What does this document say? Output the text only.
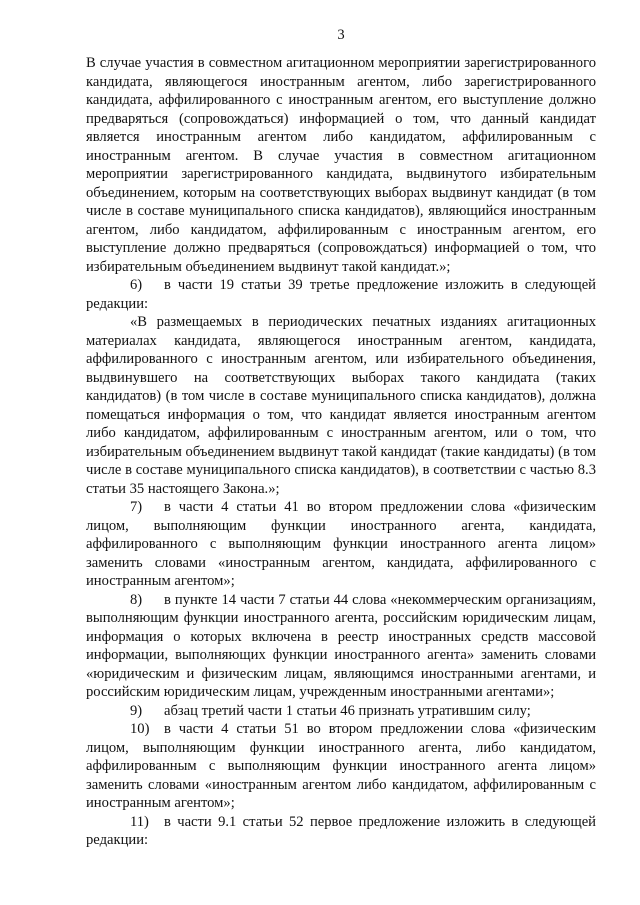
3

В случае участия в совместном агитационном мероприятии зарегистрированного кандидата, являющегося иностранным агентом, либо зарегистрированного кандидата, аффилированного с иностранным агентом, его выступление должно предваряться (сопровождаться) информацией о том, что данный кандидат является иностранным агентом либо кандидатом, аффилированным с иностранным агентом. В случае участия в совместном агитационном мероприятии зарегистрированного кандидата, выдвинутого избирательным объединением, которым на соответствующих выборах выдвинут кандидат (в том числе в составе муниципального списка кандидатов), являющийся иностранным агентом, либо кандидатом, аффилированным с иностранным агентом, его выступление должно предваряться (сопровождаться) информацией о том, что избирательным объединением выдвинут такой кандидат.»;

6) в части 19 статьи 39 третье предложение изложить в следующей редакции:

«В размещаемых в периодических печатных изданиях агитационных материалах кандидата, являющегося иностранным агентом, кандидата, аффилированного с иностранным агентом, или избирательного объединения, выдвинувшего на соответствующих выборах такого кандидата (таких кандидатов) (в том числе в составе муниципального списка кандидатов), должна помещаться информация о том, что кандидат является иностранным агентом либо кандидатом, аффилированным с иностранным агентом, или о том, что избирательным объединением выдвинут такой кандидат (такие кандидаты) (в том числе в составе муниципального списка кандидатов), в соответствии с частью 8.3 статьи 35 настоящего Закона.»;

7) в части 4 статьи 41 во втором предложении слова «физическим лицом, выполняющим функции иностранного агента, кандидата, аффилированного с выполняющим функции иностранного агента лицом» заменить словами «иностранным агентом, кандидата, аффилированного с иностранным агентом»;

8) в пункте 14 части 7 статьи 44 слова «некоммерческим организациям, выполняющим функции иностранного агента, российским юридическим лицам, информация о которых включена в реестр иностранных средств массовой информации, выполняющих функции иностранного агента» заменить словами «юридическим и физическим лицам, являющимся иностранными агентами, и российским юридическим лицам, учрежденным иностранными агентами»;

9) абзац третий части 1 статьи 46 признать утратившим силу;

10) в части 4 статьи 51 во втором предложении слова «физическим лицом, выполняющим функции иностранного агента, либо кандидатом, аффилированным с выполняющим функции иностранного агента лицом» заменить словами «иностранным агентом либо кандидатом, аффилированным с иностранным агентом»;

11) в части 9.1 статьи 52 первое предложение изложить в следующей редакции:
